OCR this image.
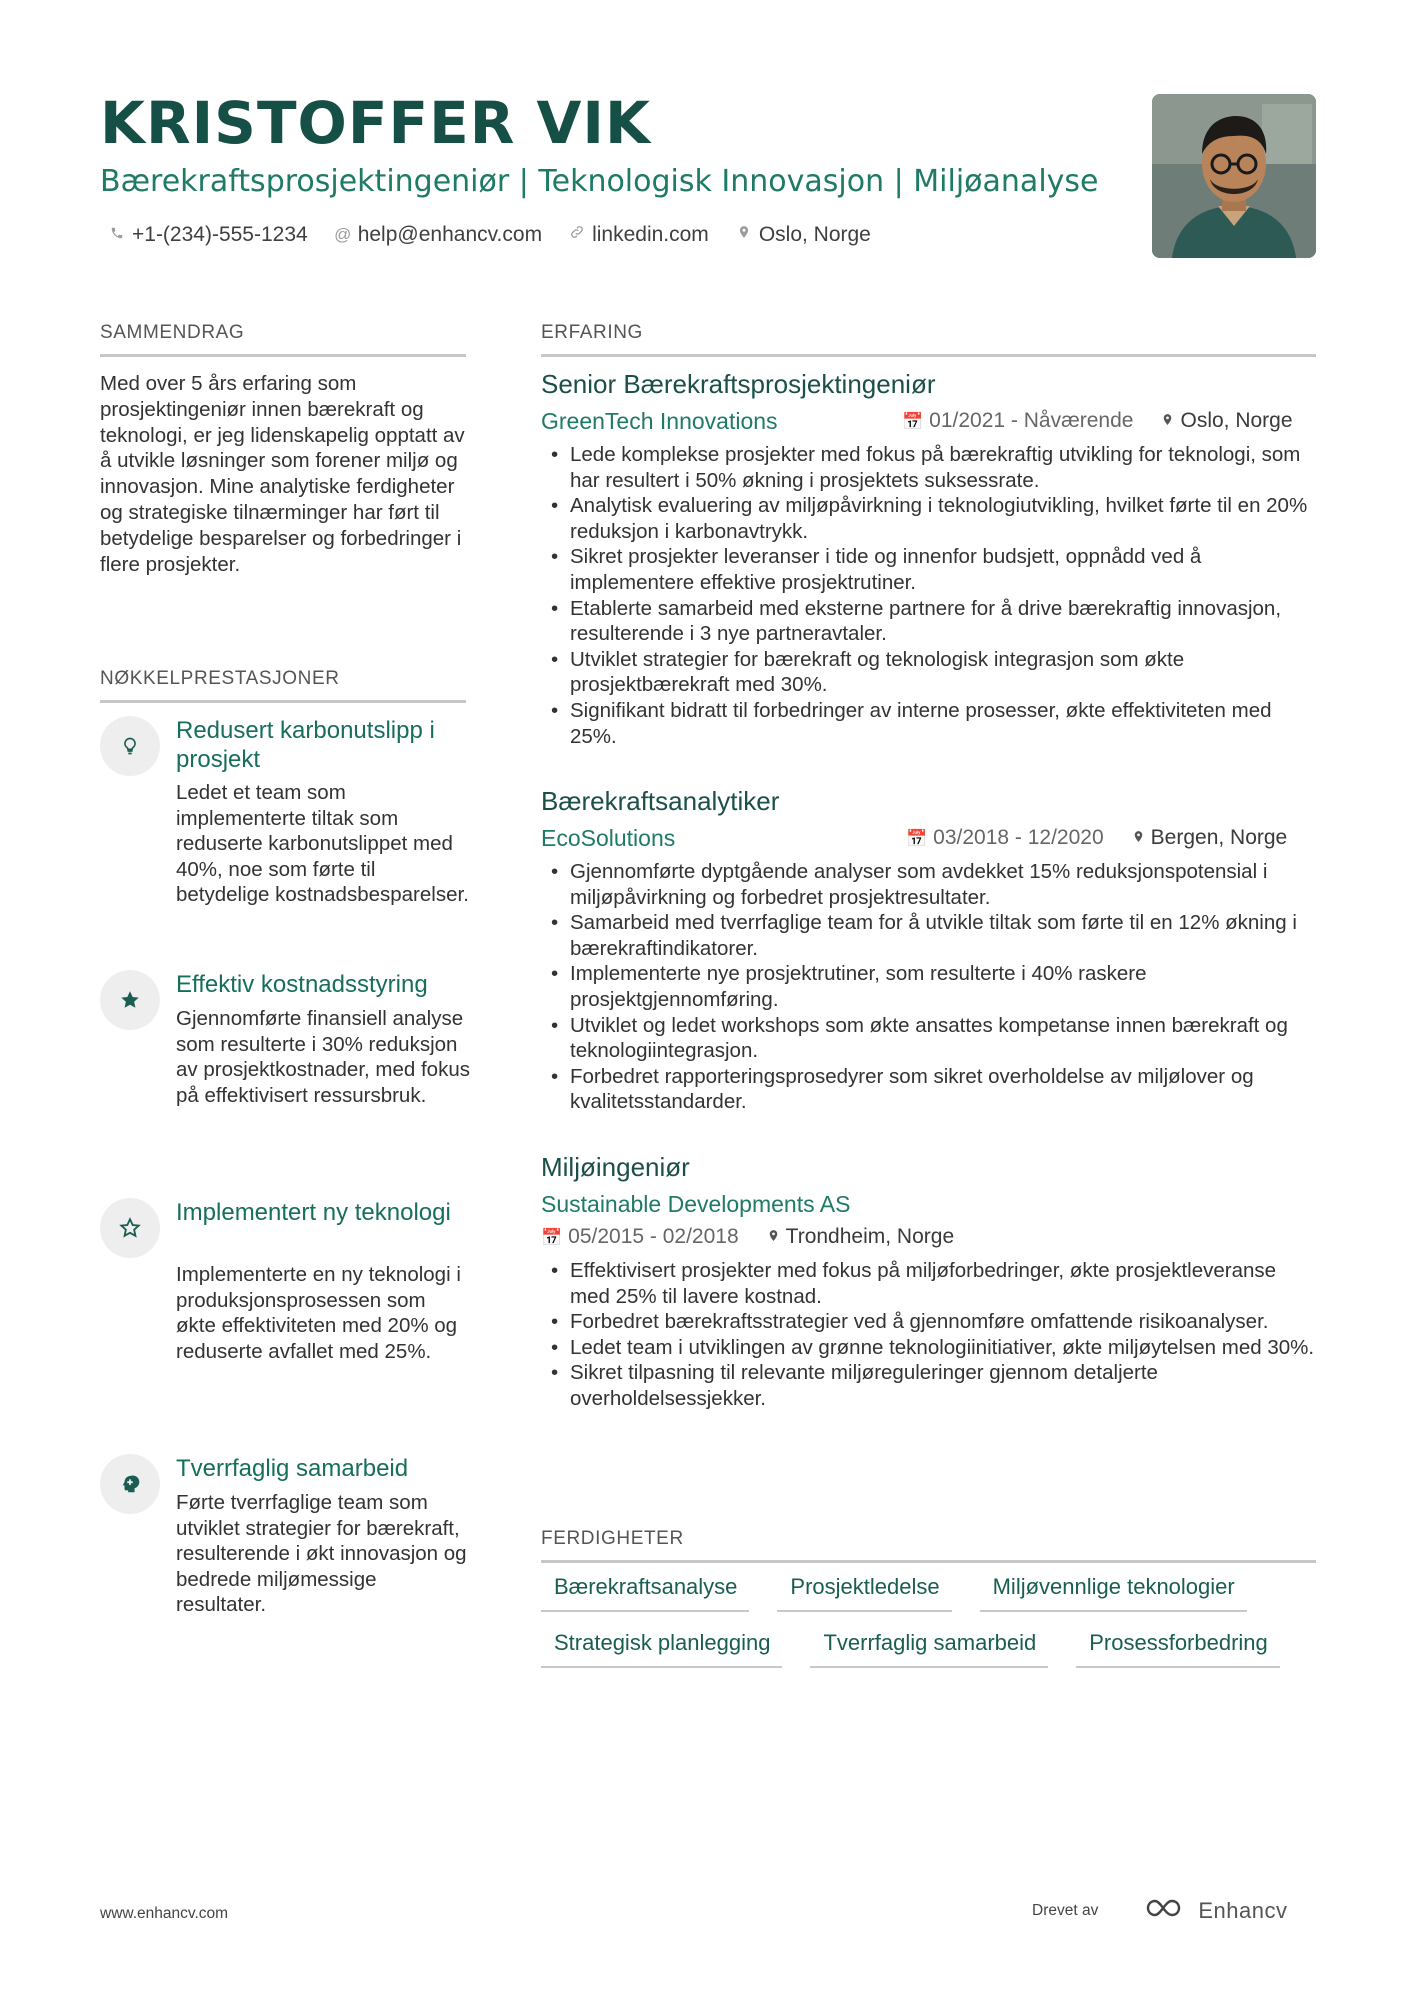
KRISTOFFER VIK
Bærekraftsprosjektingeniør | Teknologisk Innovasjon | Miljøanalyse
+1-(234)-555-1234 @ help@enhancv.com linkedin.com Oslo, Norge
SAMMENDRAG
Med over 5 års erfaring som prosjektingeniør innen bærekraft og teknologi, er jeg lidenskapelig opptatt av å utvikle løsninger som forener miljø og innovasjon. Mine analytiske ferdigheter og strategiske tilnærminger har ført til betydelige besparelser og forbedringer i flere prosjekter.
NØKKELPRESTASJONER
Redusert karbonutslipp i prosjekt
Ledet et team som implementerte tiltak som reduserte karbonutslippet med 40%, noe som førte til betydelige kostnadsbesparelser.
Effektiv kostnadsstyring
Gjennomførte finansiell analyse som resulterte i 30% reduksjon av prosjektkostnader, med fokus på effektivisert ressursbruk.
Implementert ny teknologi
Implementerte en ny teknologi i produksjonsprosessen som økte effektiviteten med 20% og reduserte avfallet med 25%.
Tverrfaglig samarbeid
Førte tverrfaglige team som utviklet strategier for bærekraft, resulterende i økt innovasjon og bedrede miljømessige resultater.
ERFARING
Senior Bærekraftsprosjektingeniør
GreenTech Innovations	📅 01/2021 - Nåværende	Oslo, Norge
• Lede komplekse prosjekter med fokus på bærekraftig utvikling for teknologi, som har resultert i 50% økning i prosjektets suksessrate.
• Analytisk evaluering av miljøpåvirkning i teknologiutvikling, hvilket førte til en 20% reduksjon i karbonavtrykk.
• Sikret prosjekter leveranser i tide og innenfor budsjett, oppnådd ved å implementere effektive prosjektrutiner.
• Etablerte samarbeid med eksterne partnere for å drive bærekraftig innovasjon, resulterende i 3 nye partneravtaler.
• Utviklet strategier for bærekraft og teknologisk integrasjon som økte prosjektbærekraft med 30%.
• Signifikant bidratt til forbedringer av interne prosesser, økte effektiviteten med 25%.
Bærekraftsanalytiker
EcoSolutions	📅 03/2018 - 12/2020	Bergen, Norge
• Gjennomførte dyptgående analyser som avdekket 15% reduksjonspotensial i miljøpåvirkning og forbedret prosjektresultater.
• Samarbeid med tverrfaglige team for å utvikle tiltak som førte til en 12% økning i bærekraftindikatorer.
• Implementerte nye prosjektrutiner, som resulterte i 40% raskere prosjektgjennomføring.
• Utviklet og ledet workshops som økte ansattes kompetanse innen bærekraft og teknologiintegrasjon.
• Forbedret rapporteringsprosedyrer som sikret overholdelse av miljølover og kvalitetsstandarder.
Miljøingeniør
Sustainable Developments AS
📅 05/2015 - 02/2018	Trondheim, Norge
• Effektivisert prosjekter med fokus på miljøforbedringer, økte prosjektleveranse med 25% til lavere kostnad.
• Forbedret bærekraftsstrategier ved å gjennomføre omfattende risikoanalyser.
• Ledet team i utviklingen av grønne teknologiinitiativer, økte miljøytelsen med 30%.
• Sikret tilpasning til relevante miljøreguleringer gjennom detaljerte overholdelsessjekker.
FERDIGHETER
Bærekraftsanalyse	Prosjektledelse	Miljøvennlige teknologier
Strategisk planlegging	Tverrfaglig samarbeid	Prosessforbedring
www.enhancv.com	Drevet av	Enhancv
